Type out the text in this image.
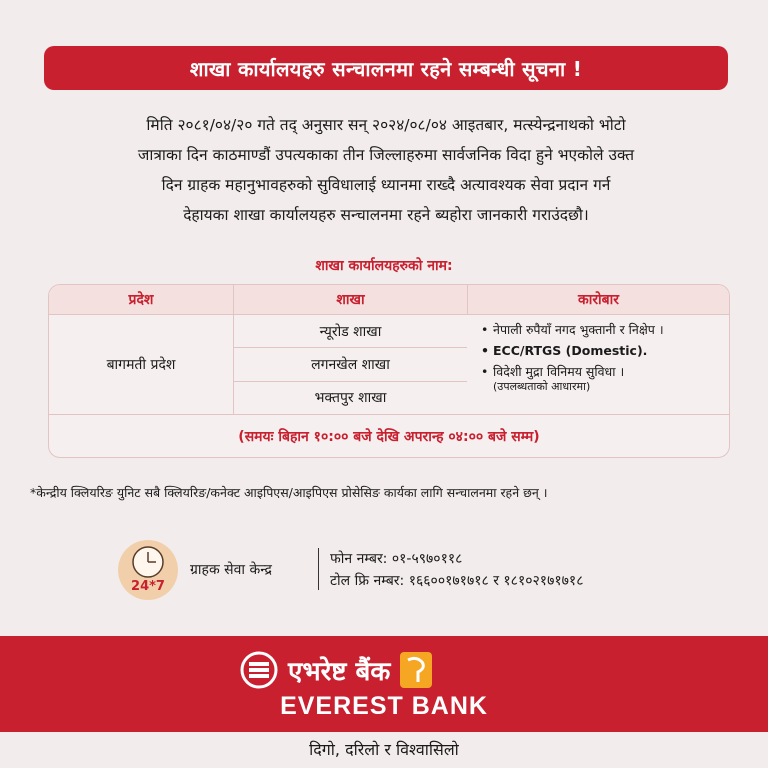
शाखा कार्यालयहरु सन्चालनमा रहने सम्बन्धी सूचना !
मिति २०८१/०४/२० गते तद् अनुसार सन् २०२४/०८/०४ आइतबार, मत्स्येन्द्रनाथको भोटो
जात्राका दिन काठमाण्डौं उपत्यकाका तीन जिल्लाहरुमा सार्वजनिक विदा हुने भएकोले उक्त
दिन ग्राहक महानुभावहरुको सुविधालाई ध्यानमा राख्दै अत्यावश्यक सेवा प्रदान गर्न
देहायका शाखा कार्यालयहरु सन्चालनमा रहने ब्यहोरा जानकारी गराउंदछौ।
शाखा कार्यालयहरुको नाम:
प्रदेश	शाखा	कारोबार
बागमती प्रदेश
न्यूरोड शाखा
लगनखेल शाखा
भक्तपुर शाखा
• नेपाली रुपैयाँ नगद भुक्तानी र निक्षेप ।
• ECC/RTGS (Domestic).
• विदेशी मुद्रा विनिमय सुविधा ।
(उपलब्धताको आधारमा)
(समयः बिहान १०:०० बजे देखि अपरान्ह ०४:०० बजे सम्म)
*केन्द्रीय क्लियरिङ युनिट सबै क्लियरिङ/कनेक्ट आइपिएस/आइपिएस प्रोसेसिङ कार्यका लागि सन्चालनमा रहने छन् ।
24*7
ग्राहक सेवा केन्द्र
फोन नम्बर: ०१-५९७०११८
टोल फ्रि नम्बर: १६६००१७१७१८ र १८१०२१७१७१८
एभरेष्ट बैंक
EVEREST BANK
दिगो, दरिलो र विश्वासिलो
